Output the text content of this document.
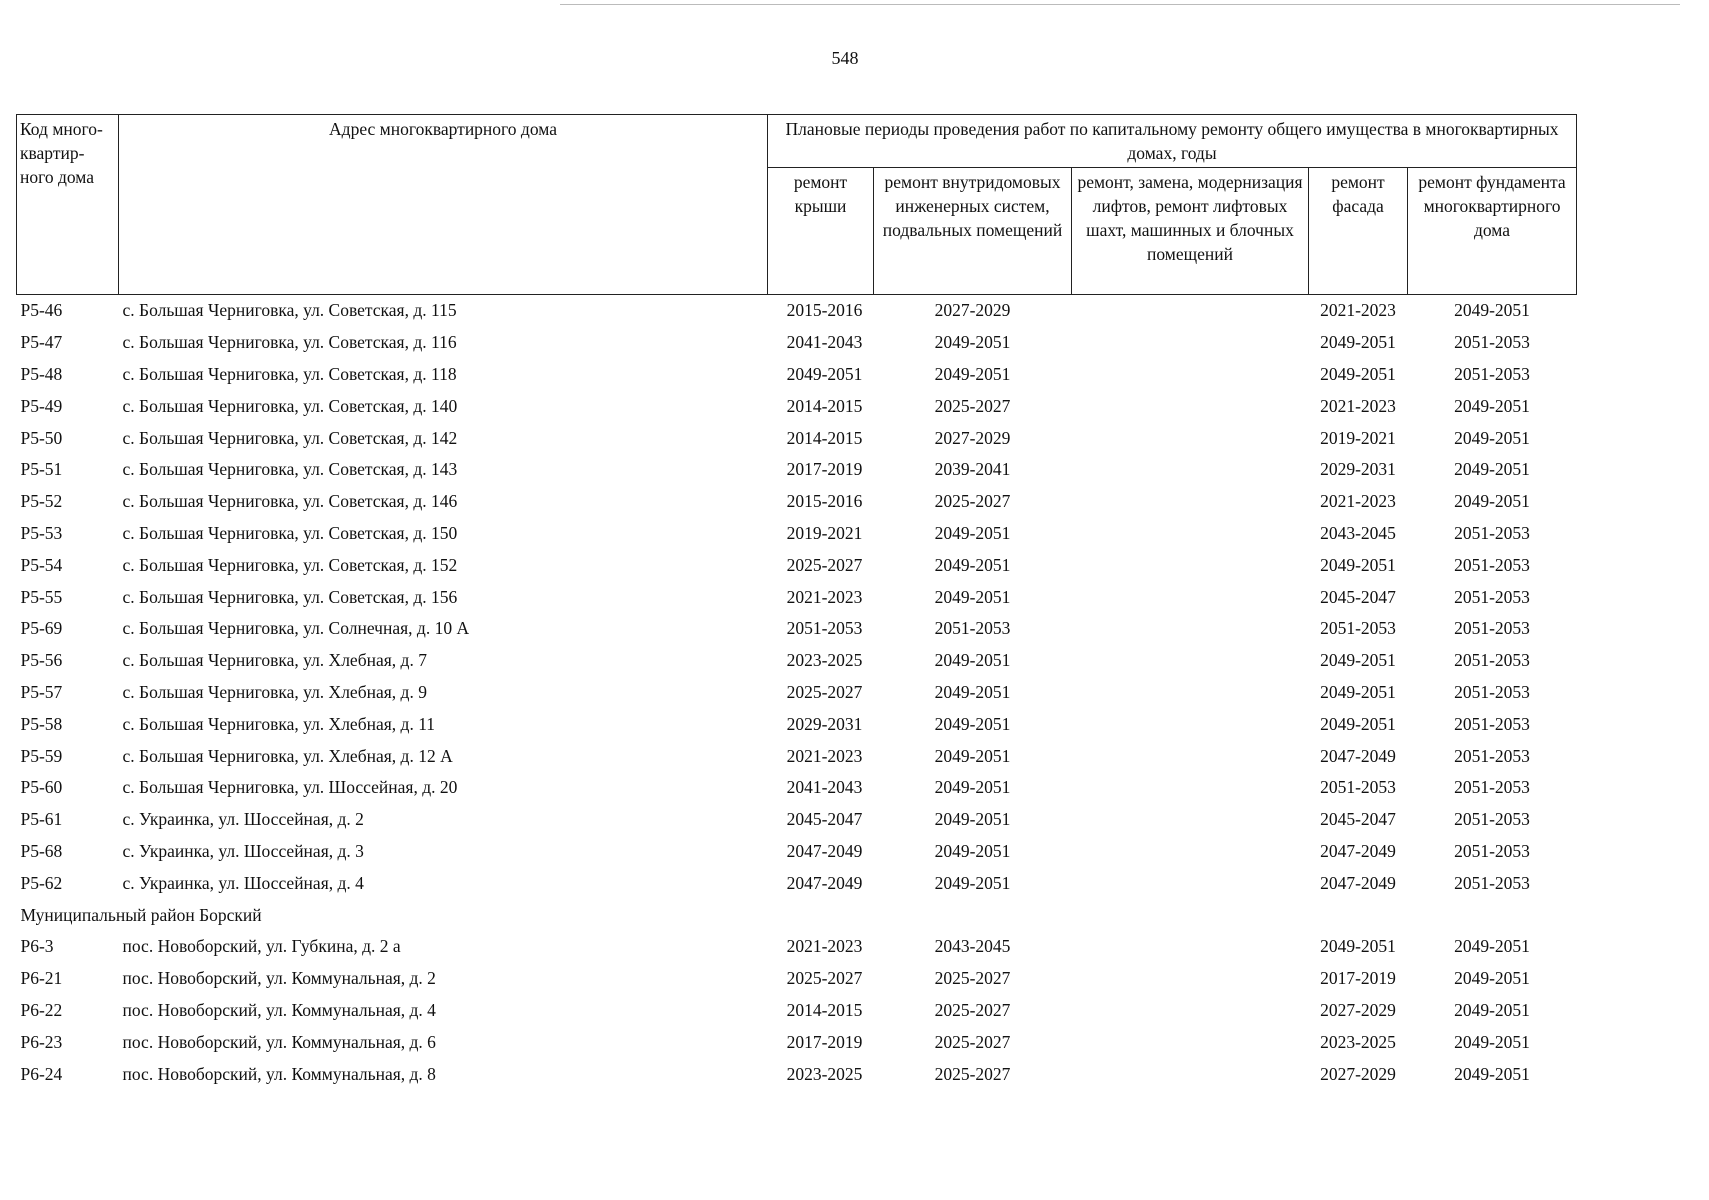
548
Код много-квартир-ного дома	Адрес многоквартирного дома	Плановые периоды проведения работ по капитальному ремонту общего имущества в многоквартирных домах, годы				
		ремонт крыши	ремонт внутридомовых инженерных систем, подвальных помещений	ремонт, замена, модернизация лифтов, ремонт лифтовых шахт, машинных и блочных помещений	ремонт фасада	ремонт фундамента многоквартирного дома
P5-46	с. Большая Черниговка, ул. Советская, д. 115	2015-2016	2027-2029		2021-2023	2049-2051
P5-47	с. Большая Черниговка, ул. Советская, д. 116	2041-2043	2049-2051		2049-2051	2051-2053
P5-48	с. Большая Черниговка, ул. Советская, д. 118	2049-2051	2049-2051		2049-2051	2051-2053
P5-49	с. Большая Черниговка, ул. Советская, д. 140	2014-2015	2025-2027		2021-2023	2049-2051
P5-50	с. Большая Черниговка, ул. Советская, д. 142	2014-2015	2027-2029		2019-2021	2049-2051
P5-51	с. Большая Черниговка, ул. Советская, д. 143	2017-2019	2039-2041		2029-2031	2049-2051
P5-52	с. Большая Черниговка, ул. Советская, д. 146	2015-2016	2025-2027		2021-2023	2049-2051
P5-53	с. Большая Черниговка, ул. Советская, д. 150	2019-2021	2049-2051		2043-2045	2051-2053
P5-54	с. Большая Черниговка, ул. Советская, д. 152	2025-2027	2049-2051		2049-2051	2051-2053
P5-55	с. Большая Черниговка, ул. Советская, д. 156	2021-2023	2049-2051		2045-2047	2051-2053
P5-69	с. Большая Черниговка, ул. Солнечная, д. 10 А	2051-2053	2051-2053		2051-2053	2051-2053
P5-56	с. Большая Черниговка, ул. Хлебная, д. 7	2023-2025	2049-2051		2049-2051	2051-2053
P5-57	с. Большая Черниговка, ул. Хлебная, д. 9	2025-2027	2049-2051		2049-2051	2051-2053
P5-58	с. Большая Черниговка, ул. Хлебная, д. 11	2029-2031	2049-2051		2049-2051	2051-2053
P5-59	с. Большая Черниговка, ул. Хлебная, д. 12 А	2021-2023	2049-2051		2047-2049	2051-2053
P5-60	с. Большая Черниговка, ул. Шоссейная, д. 20	2041-2043	2049-2051		2051-2053	2051-2053
P5-61	с. Украинка, ул. Шоссейная, д. 2	2045-2047	2049-2051		2045-2047	2051-2053
P5-68	с. Украинка, ул. Шоссейная, д. 3	2047-2049	2049-2051		2047-2049	2051-2053
P5-62	с. Украинка, ул. Шоссейная, д. 4	2047-2049	2049-2051		2047-2049	2051-2053
Муниципальный район Борский						
P6-3	пос. Новоборский, ул. Губкина, д. 2 а	2021-2023	2043-2045		2049-2051	2049-2051
P6-21	пос. Новоборский, ул. Коммунальная, д. 2	2025-2027	2025-2027		2017-2019	2049-2051
P6-22	пос. Новоборский, ул. Коммунальная, д. 4	2014-2015	2025-2027		2027-2029	2049-2051
P6-23	пос. Новоборский, ул. Коммунальная, д. 6	2017-2019	2025-2027		2023-2025	2049-2051
P6-24	пос. Новоборский, ул. Коммунальная, д. 8	2023-2025	2025-2027		2027-2029	2049-2051
